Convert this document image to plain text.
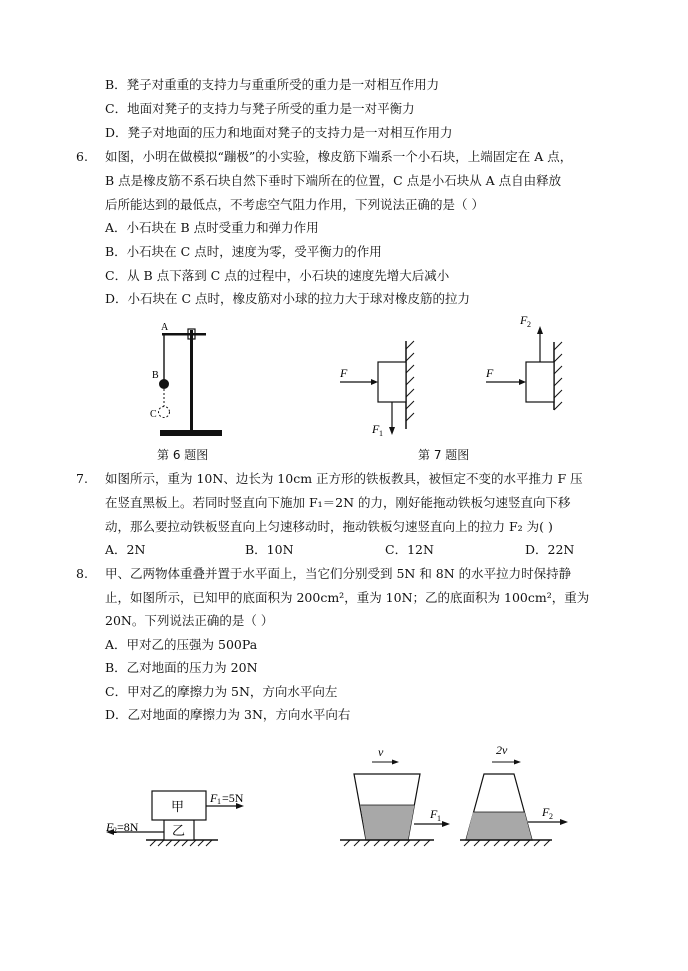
B．凳子对重重的支持力与重重所受的重力是一对相互作用力
C．地面对凳子的支持力与凳子所受的重力是一对平衡力
D．凳子对地面的压力和地面对凳子的支持力是一对相互作用力
6. 如图，小明在做模拟“蹦极”的小实验，橡皮筋下端系一个小石块，上端固定在 A 点，
B 点是橡皮筋不系石块自然下垂时下端所在的位置，C 点是小石块从 A 点自由释放
后所能达到的最低点，不考虑空气阻力作用，下列说法正确的是（ ）
A．小石块在 B 点时受重力和弹力作用
B．小石块在 C 点时，速度为零，受平衡力的作用
C．从 B 点下落到 C 点的过程中，小石块的速度先增大后减小
D．小石块在 C 点时，橡皮筋对小球的拉力大于球对橡皮筋的拉力
A
B
C
第 6 题图
F
F 1
F
F 2
第 7 题图
7. 如图所示，重为 10N、边长为 10cm 正方形的铁板教具，被恒定不变的水平推力 F 压
在竖直黑板上。若同时竖直向下施加 F₁＝2N 的力，刚好能拖动铁板匀速竖直向下移
动，那么要拉动铁板竖直向上匀速移动时，拖动铁板匀速竖直向上的拉力 F₂ 为( )
A．2N	B．10N	C．12N	D．22N
8. 甲、乙两物体重叠并置于水平面上，当它们分别受到 5N 和 8N 的水平拉力时保持静
止，如图所示，已知甲的底面积为 200cm²，重为 10N；乙的底面积为 100cm²，重为
20N。下列说法正确的是（ ）
A．甲对乙的压强为 500Pa
B．乙对地面的压力为 20N
C．甲对乙的摩擦力为 5N，方向水平向左
D．乙对地面的摩擦力为 3N，方向水平向右
乙
甲
F 1 =5N
F 2 =8N
v
F 1
2v
F 2
